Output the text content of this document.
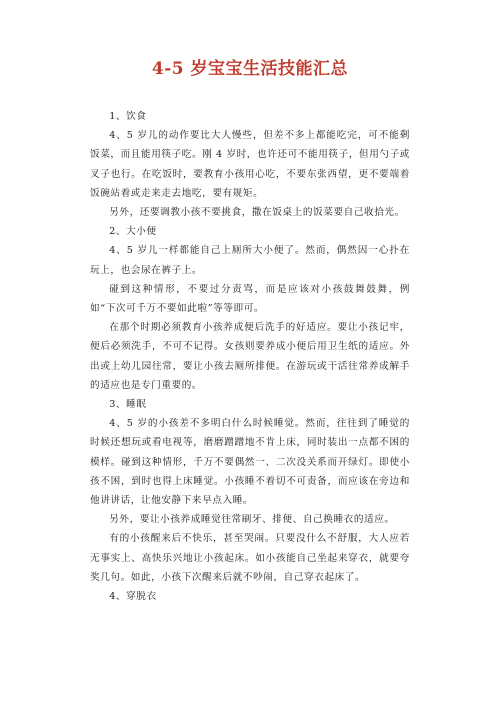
4-5 岁宝宝生活技能汇总

1、饮食

4、5 岁儿的动作要比大人慢些，但差不多上都能吃完，可不能剩饭菜，而且能用筷子吃。刚 4 岁时，也许还可不能用筷子，但用勺子或叉子也行。在吃饭时，要教育小孩用心吃，不要东张西望，更不要端着饭碗站着或走来走去地吃，要有规矩。

另外，还要调教小孩不要挑食，撒在饭桌上的饭菜要自己收拾光。

2、大小便

4、5 岁儿一样都能自己上厕所大小便了。然而，偶然因一心扑在玩上，也会尿在裤子上。

碰到这种情形，不要过分责骂，而是应该对小孩鼓舞鼓舞，例如“下次可千万不要如此啦”等等即可。

在那个时期必须教育小孩养成便后洗手的好适应。要让小孩记牢，便后必须洗手，不可不记得。女孩则要养成小便后用卫生纸的适应。外出或上幼儿园往常，要让小孩去厕所排便。在游玩或干活往常养成解手的适应也是专门重要的。

3、睡眠

4、5 岁的小孩差不多明白什么时候睡觉。然而，往往到了睡觉的时候还想玩或看电视等，磨磨蹭蹭地不肯上床，同时装出一点都不困的模样。碰到这种情形，千万不要偶然一、二次没关系而开绿灯。即使小孩不困，到时也得上床睡觉。小孩睡不着切不可责备，而应该在旁边和他讲讲话，让他安静下来早点入睡。

另外，要让小孩养成睡觉往常刷牙、排便、自己换睡衣的适应。

有的小孩醒来后不快乐，甚至哭闹。只要没什么不舒服，大人应若无事实上、高快乐兴地让小孩起床。如小孩能自己坐起来穿衣，就要夸奖几句。如此，小孩下次醒来后就不吵闹，自己穿衣起床了。

4、穿脱衣
